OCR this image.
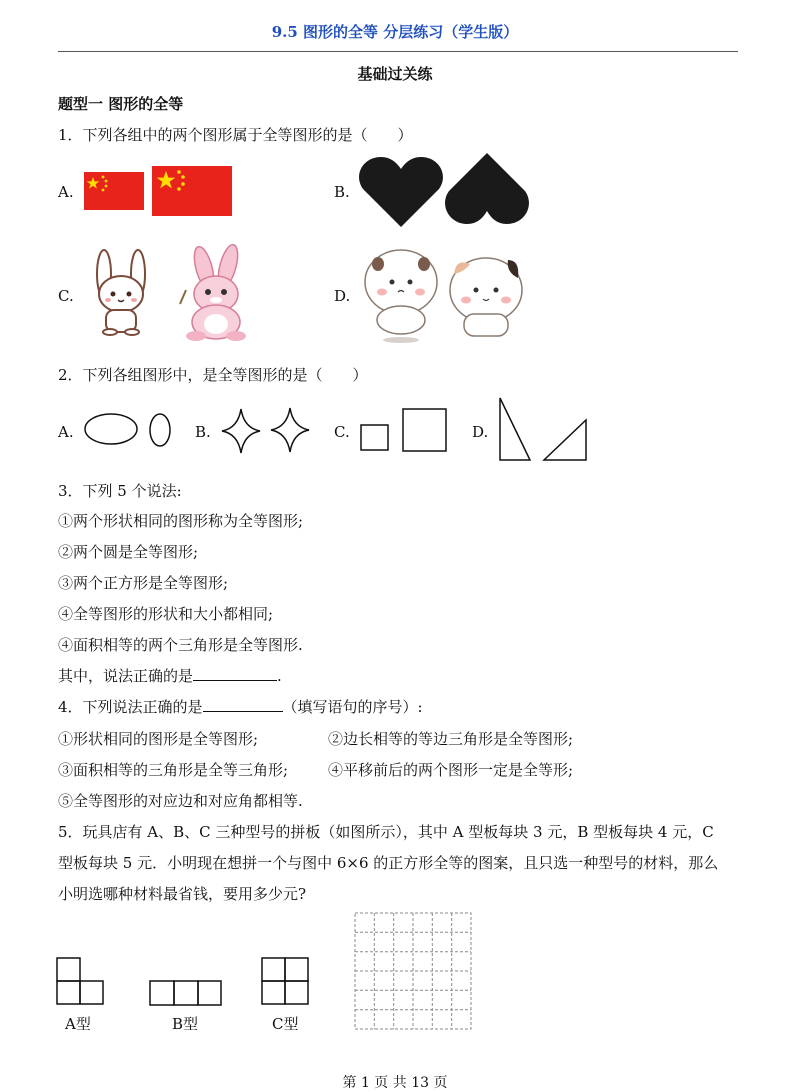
9.5 图形的全等 分层练习（学生版）
基础过关练
题型一 图形的全等
1．下列各组中的两个图形属于全等图形的是（　　）
A.	B.
C.	D.
2．下列各组图形中，是全等图形的是（　　）
A.	B.	C.	D.
3．下列 5 个说法:
①两个形状相同的图形称为全等图形;
②两个圆是全等图形;
③两个正方形是全等图形;
④全等图形的形状和大小都相同;
④面积相等的两个三角形是全等图形.
其中，说法正确的是	.
4．下列说法正确的是	（填写语句的序号）:
①形状相同的图形是全等图形;	②边长相等的等边三角形是全等图形;
③面积相等的三角形是全等三角形;	④平移前后的两个图形一定是全等形;
⑤全等图形的对应边和对应角都相等.
5．玩具店有 A、B、C 三种型号的拼板（如图所示），其中 A 型板每块 3 元，B 型板每块 4 元，C
型板每块 5 元．小明现在想拼一个与图中 6×6 的正方形全等的图案，且只选一种型号的材料，那么
小明选哪种材料最省钱，要用多少元?
A型	B型	C型
第 1 页 共 13 页
